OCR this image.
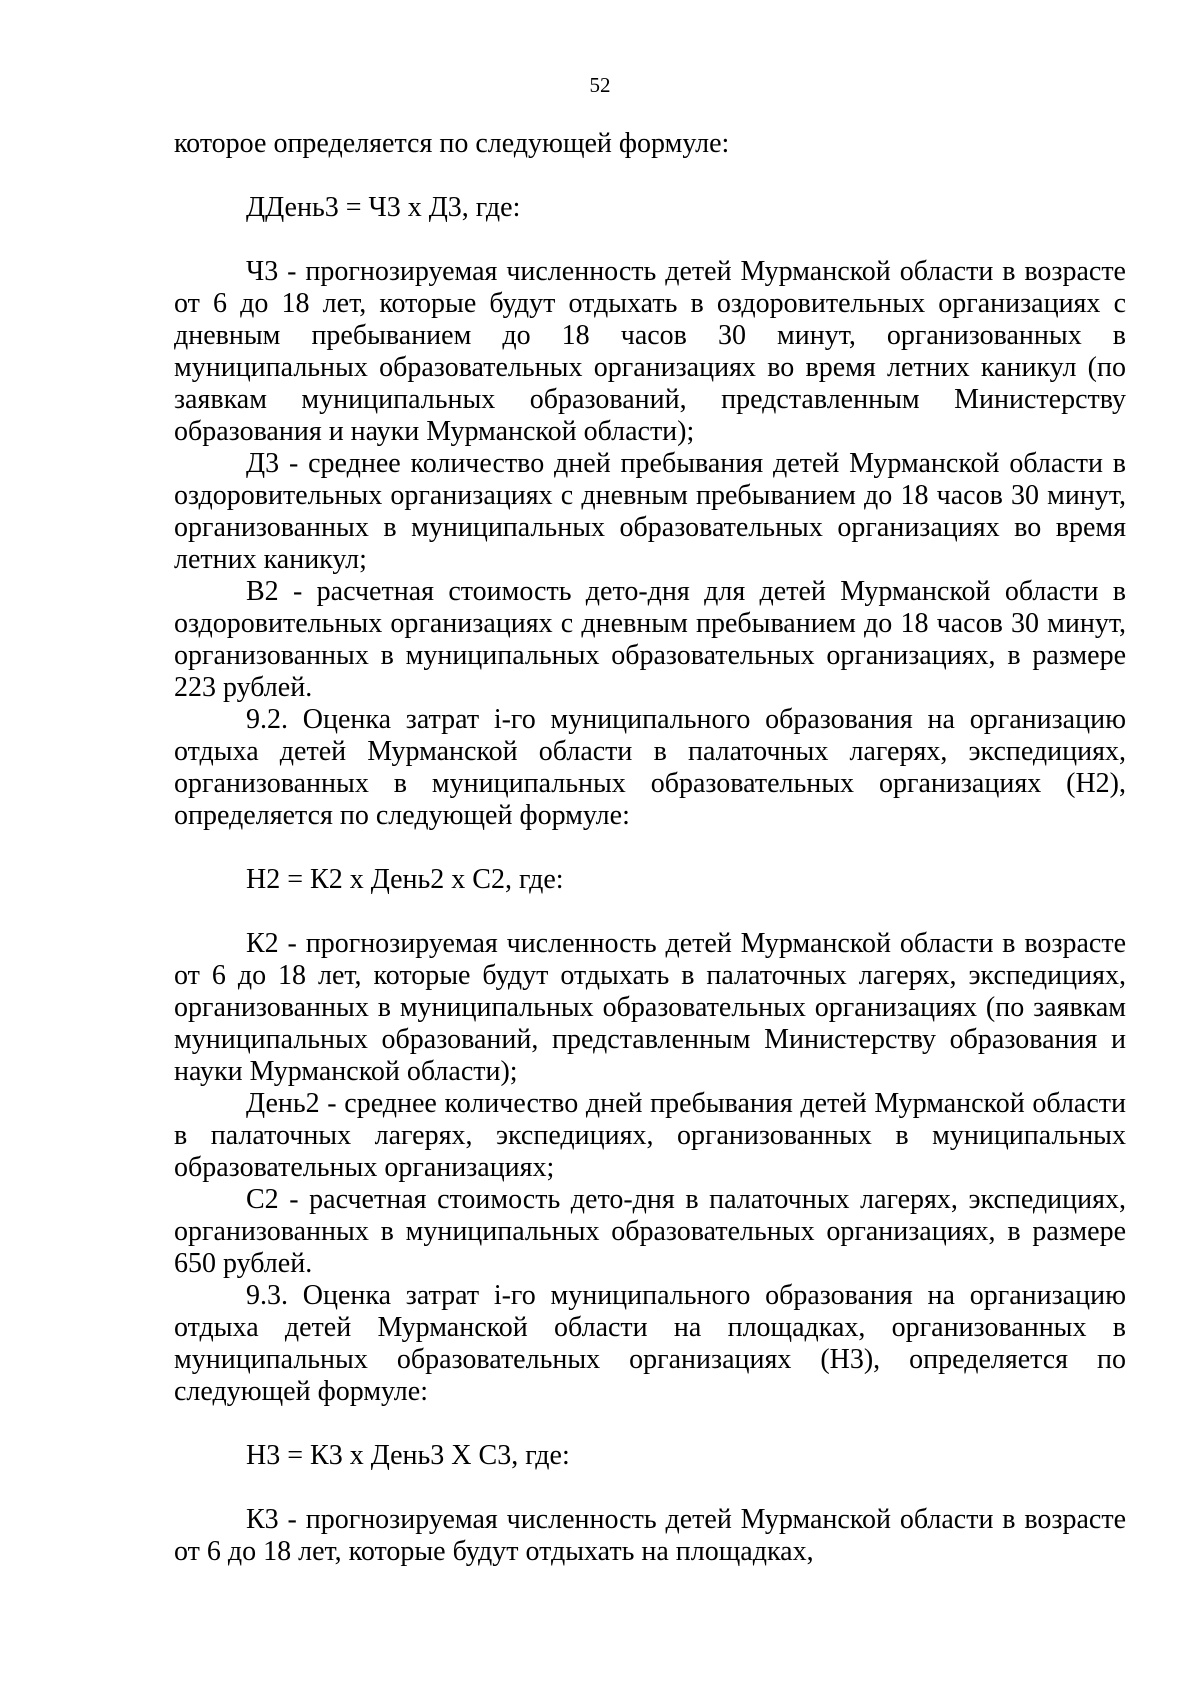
52

которое определяется по следующей формуле:

ДДень3 = Ч3 х Д3, где:

Ч3 - прогнозируемая численность детей Мурманской области в возрасте от 6 до 18 лет, которые будут отдыхать в оздоровительных организациях с дневным пребыванием до 18 часов 30 минут, организованных в муниципальных образовательных организациях во время летних каникул (по заявкам муниципальных образований, представленным Министерству образования и науки Мурманской области);

Д3 - среднее количество дней пребывания детей Мурманской области в оздоровительных организациях с дневным пребыванием до 18 часов 30 минут, организованных в муниципальных образовательных организациях во время летних каникул;

В2 - расчетная стоимость дето-дня для детей Мурманской области в оздоровительных организациях с дневным пребыванием до 18 часов 30 минут, организованных в муниципальных образовательных организациях, в размере 223 рублей.

9.2. Оценка затрат i-го муниципального образования на организацию отдыха детей Мурманской области в палаточных лагерях, экспедициях, организованных в муниципальных образовательных организациях (Н2), определяется по следующей формуле:

Н2 = К2 х День2 х С2, где:

К2 - прогнозируемая численность детей Мурманской области в возрасте от 6 до 18 лет, которые будут отдыхать в палаточных лагерях, экспедициях, организованных в муниципальных образовательных организациях (по заявкам муниципальных образований, представленным Министерству образования и науки Мурманской области);

День2 - среднее количество дней пребывания детей Мурманской области в палаточных лагерях, экспедициях, организованных в муниципальных образовательных организациях;

С2 - расчетная стоимость дето-дня в палаточных лагерях, экспедициях, организованных в муниципальных образовательных организациях, в размере 650 рублей.

9.3. Оценка затрат i-го муниципального образования на организацию отдыха детей Мурманской области на площадках, организованных в муниципальных образовательных организациях (Н3), определяется по следующей формуле:

Н3 = К3 х День3 Х С3, где:

К3 - прогнозируемая численность детей Мурманской области в возрасте от 6 до 18 лет, которые будут отдыхать на площадках,
